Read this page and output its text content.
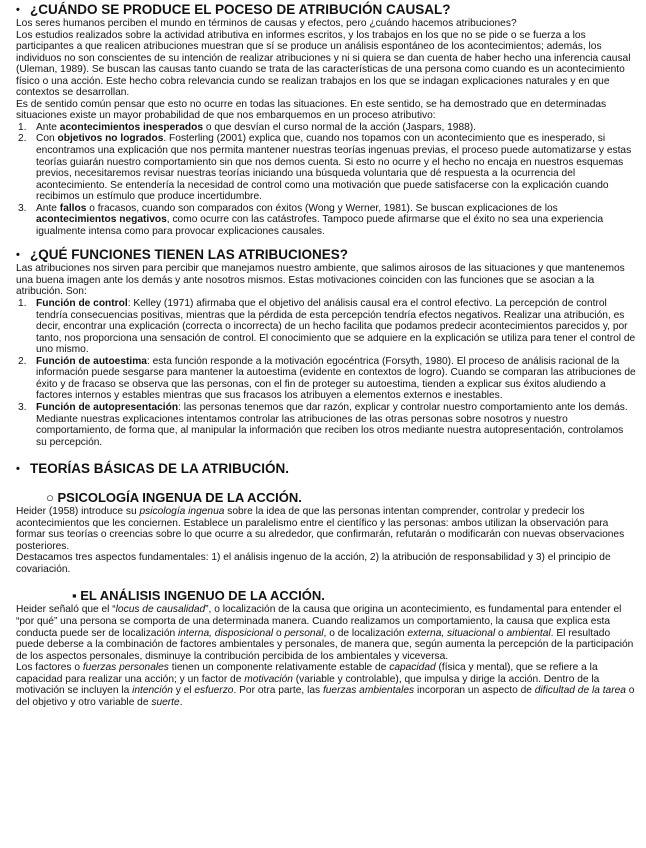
• ¿CUÁNDO SE PRODUCE EL POCESO DE ATRIBUCIÓN CAUSAL?

Los seres humanos perciben el mundo en términos de causas y efectos, pero ¿cuándo hacemos atribuciones?

Los estudios realizados sobre la actividad atributiva en informes escritos, y los trabajos en los que no se pide o se fuerza a los participantes a que realicen atribuciones muestran que sí se produce un análisis espontáneo de los acontecimientos; además, los individuos no son conscientes de su intención de realizar atribuciones y ni si quiera se dan cuenta de haber hecho una inferencia causal (Uleman, 1989). Se buscan las causas tanto cuando se trata de las características de una persona como cuando es un acontecimiento físico o una acción. Este hecho cobra relevancia cundo se realizan trabajos en los que se indagan explicaciones naturales y en que contextos se desarrollan.

Es de sentido común pensar que esto no ocurre en todas las situaciones. En este sentido, se ha demostrado que en determinadas situaciones existe un mayor probabilidad de que nos embarquemos en un proceso atributivo:

1. Ante acontecimientos inesperados o que desvían el curso normal de la acción (Jaspars, 1988).
2. Con objetivos no logrados. Fosterling (2001) explica que, cuando nos topamos con un acontecimiento que es inesperado, si encontramos una explicación que nos permita mantener nuestras teorías ingenuas previas, el proceso puede automatizarse y estas teorías guiarán nuestro comportamiento sin que nos demos cuenta. Si esto no ocurre y el hecho no encaja en nuestros esquemas previos, necesitaremos revisar nuestras teorías iniciando una búsqueda voluntaria que dé respuesta a la ocurrencia del acontecimiento. Se entendería la necesidad de control como una motivación que puede satisfacerse con la explicación cuando recibimos un estímulo que produce incertidumbre.
3. Ante fallos o fracasos, cuando son comparados con éxitos (Wong y Werner, 1981). Se buscan explicaciones de los acontecimientos negativos, como ocurre con las catástrofes. Tampoco puede afirmarse que el éxito no sea una experiencia igualmente intensa como para provocar explicaciones causales.
• ¿QUÉ FUNCIONES TIENEN LAS ATRIBUCIONES?

Las atribuciones nos sirven para percibir que manejamos nuestro ambiente, que salimos airosos de las situaciones y que mantenemos una buena imagen ante los demás y ante nosotros mismos. Estas motivaciones coinciden con las funciones que se asocian a la atribución. Son:

1. Función de control: Kelley (1971) afirmaba que el objetivo del análisis causal era el control efectivo. La percepción de control tendría consecuencias positivas, mientras que la pérdida de esta percepción tendría efectos negativos. Realizar una atribución, es decir, encontrar una explicación (correcta o incorrecta) de un hecho facilita que podamos predecir acontecimientos parecidos y, por tanto, nos proporciona una sensación de control. El conocimiento que se adquiere en la explicación se utiliza para tener el control de uno mismo.
2. Función de autoestima: esta función responde a la motivación egocéntrica (Forsyth, 1980). El proceso de análisis racional de la información puede sesgarse para mantener la autoestima (evidente en contextos de logro). Cuando se comparan las atribuciones de éxito y de fracaso se observa que las personas, con el fin de proteger su autoestima, tienden a explicar sus éxitos aludiendo a factores internos y estables mientras que sus fracasos los atribuyen a elementos externos e inestables.
3. Función de autopresentación: las personas tenemos que dar razón, explicar y controlar nuestro comportamiento ante los demás. Mediante nuestras explicaciones intentamos controlar las atribuciones de las otras personas sobre nosotros y nuestro comportamiento, de forma que, al manipular la información que reciben los otros mediante nuestra autopresentación, controlamos su percepción.
• TEORÍAS BÁSICAS DE LA ATRIBUCIÓN.
○ PSICOLOGÍA INGENUA DE LA ACCIÓN.

Heider (1958) introduce su psicología ingenua sobre la idea de que las personas intentan comprender, controlar y predecir los acontecimientos que les conciernen. Establece un paralelismo entre el científico y las personas: ambos utilizan la observación para formar sus teorías o creencias sobre lo que ocurre a su alrededor, que confirmarán, refutarán o modificarán con nuevas observaciones posteriores.

Destacamos tres aspectos fundamentales: 1) el análisis ingenuo de la acción, 2) la atribución de responsabilidad y 3) el principio de covariación.

▪ EL ANÁLISIS INGENUO DE LA ACCIÓN.

Heider señaló que el “locus de causalidad”, o localización de la causa que origina un acontecimiento, es fundamental para entender el “por qué” una persona se comporta de una determinada manera. Cuando realizamos un comportamiento, la causa que explica esta conducta puede ser de localización interna, disposicional o personal, o de localización externa, situacional o ambiental. El resultado puede deberse a la combinación de factores ambientales y personales, de manera que, según aumenta la percepción de la participación de los aspectos personales, disminuye la contribución percibida de los ambientales y viceversa.

Los factores o fuerzas personales tienen un componente relativamente estable de capacidad (física y mental), que se refiere a la capacidad para realizar una acción; y un factor de motivación (variable y controlable), que impulsa y dirige la acción. Dentro de la motivación se incluyen la intención y el esfuerzo. Por otra parte, las fuerzas ambientales incorporan un aspecto de dificultad de la tarea o del objetivo y otro variable de suerte.
